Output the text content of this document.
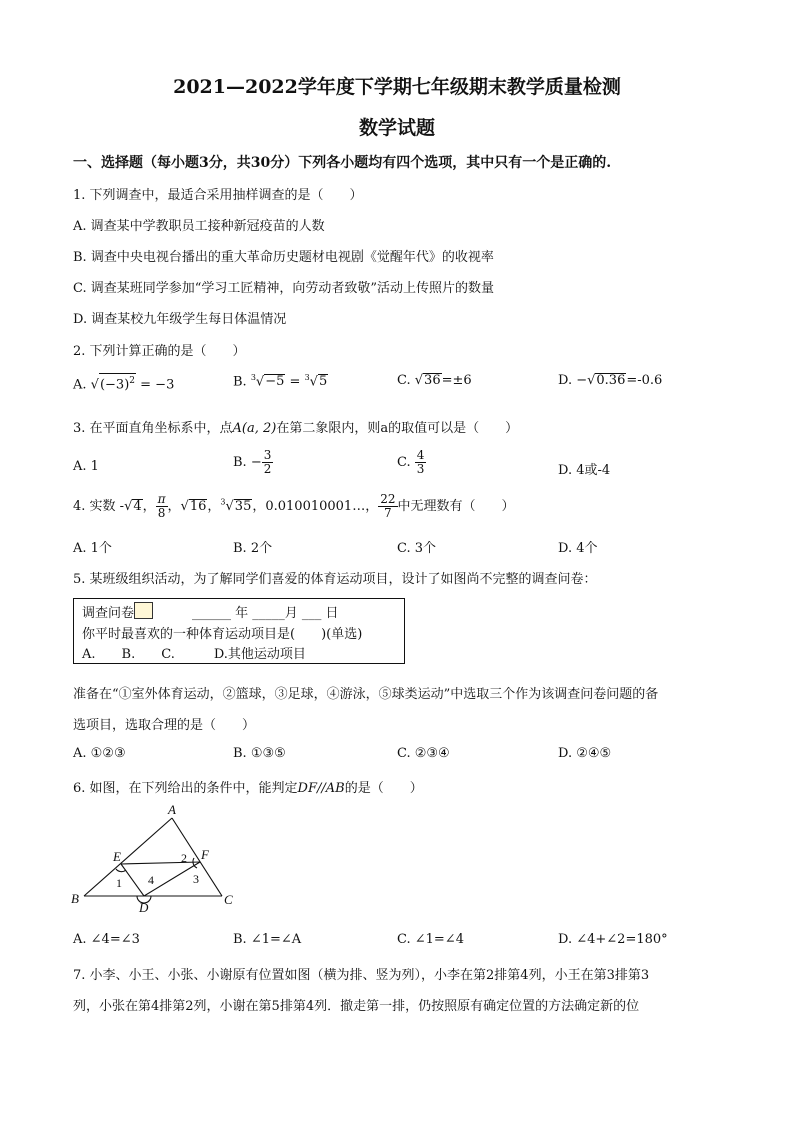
2021—2022学年度下学期七年级期末教学质量检测
数学试题
一、选择题（每小题3分，共30分）下列各小题均有四个选项，其中只有一个是正确的.
1. 下列调查中，最适合采用抽样调查的是（　　）
A. 调查某中学教职员工接种新冠疫苗的人数
B. 调查中央电视台播出的重大革命历史题材电视剧《觉醒年代》的收视率
C. 调查某班同学参加“学习工匠精神，向劳动者致敬”活动上传照片的数量
D. 调查某校九年级学生每日体温情况
2. 下列计算正确的是（　　）
A. $√(-3)^2 = -3$	B. $^3$√−5 = $^3$√5	C. √36=±6	D. −√0.36=-0.6
3. 在平面直角坐标系中，点A(a, 2)在第二象限内，则a的取值可以是（　　）
A. 1	B. − $\frac{3}{2}$	C. $\frac{4}{3}$	D. 4或-4
4. 实数 -√4， $\frac{\pi}{8}$ ，√16，$^3$√35，0.010010001…， $\frac{22}{7}$ 中无理数有（　　）
A. 1个	B. 2个	C. 3个	D. 4个
5. 某班级组织活动，为了解同学们喜爱的体育运动项目，设计了如图尚不完整的调查问卷：
调查问卷　　　	______ 年 _____月 ___ 日
你平时最喜欢的一种体育运动项目是(　　)(单选)
A.　　B.　　C.　　　D.其他运动项目
准备在“①室外体育运动，②篮球，③足球，④游泳，⑤球类运动”中选取三个作为该调查问卷问题的备
选项目，选取合理的是（　　）
A. ①②③	B. ①③⑤	C. ②③④	D. ②④⑤
6. 如图，在下列给出的条件中，能判定DF//AB的是（　　）
A
B	C
D
E	F
1
2
3
4
A. ∠4=∠3	B. ∠1=∠A	C. ∠1=∠4	D. ∠4+∠2=180°
7. 小李、小王、小张、小谢原有位置如图（横为排、竖为列），小李在第2排第4列，小王在第3排第3
列，小张在第4排第2列，小谢在第5排第4列．撤走第一排，仍按照原有确定位置的方法确定新的位
